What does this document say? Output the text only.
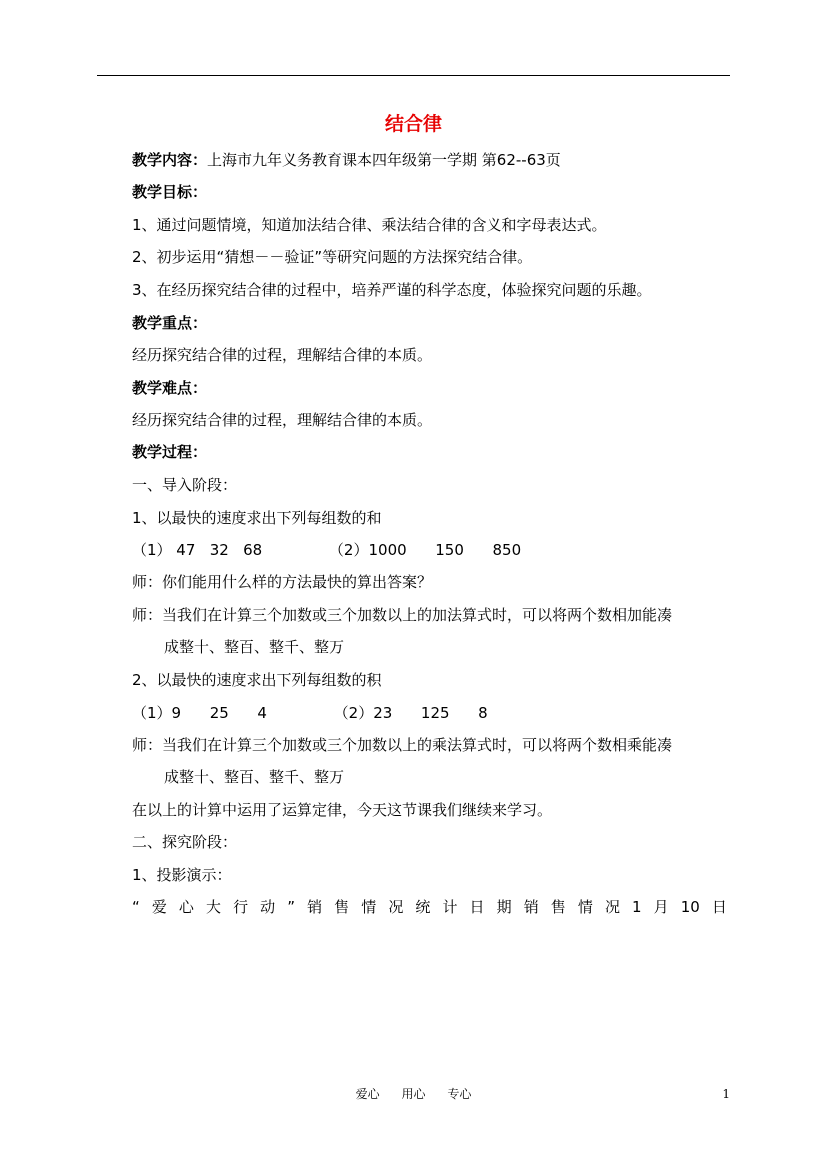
结合律
教学内容：上海市九年义务教育课本四年级第一学期 第62--63页
教学目标：
1、通过问题情境，知道加法结合律、乘法结合律的含义和字母表达式。
2、初步运用“猜想－－验证”等研究问题的方法探究结合律。
3、在经历探究结合律的过程中，培养严谨的科学态度，体验探究问题的乐趣。
教学重点：
经历探究结合律的过程，理解结合律的本质。
教学难点：
经历探究结合律的过程，理解结合律的本质。
教学过程：
一、导入阶段：
1、以最快的速度求出下列每组数的和
（1） 47   32   68              （2）1000      150      850
师：你们能用什么样的方法最快的算出答案？
师：当我们在计算三个加数或三个加数以上的加法算式时，可以将两个数相加能凑
成整十、整百、整千、整万
2、以最快的速度求出下列每组数的积
（1）9      25      4              （2）23      125      8
师：当我们在计算三个加数或三个加数以上的乘法算式时，可以将两个数相乘能凑
成整十、整百、整千、整万
在以上的计算中运用了运算定律，今天这节课我们继续来学习。
二、探究阶段：
1、投影演示：
“ 爱 心 大 行 动 ” 销 售 情 况 统 计 日 期 销 售 情 况 1 月 10 日
爱心 用心 专心	1
